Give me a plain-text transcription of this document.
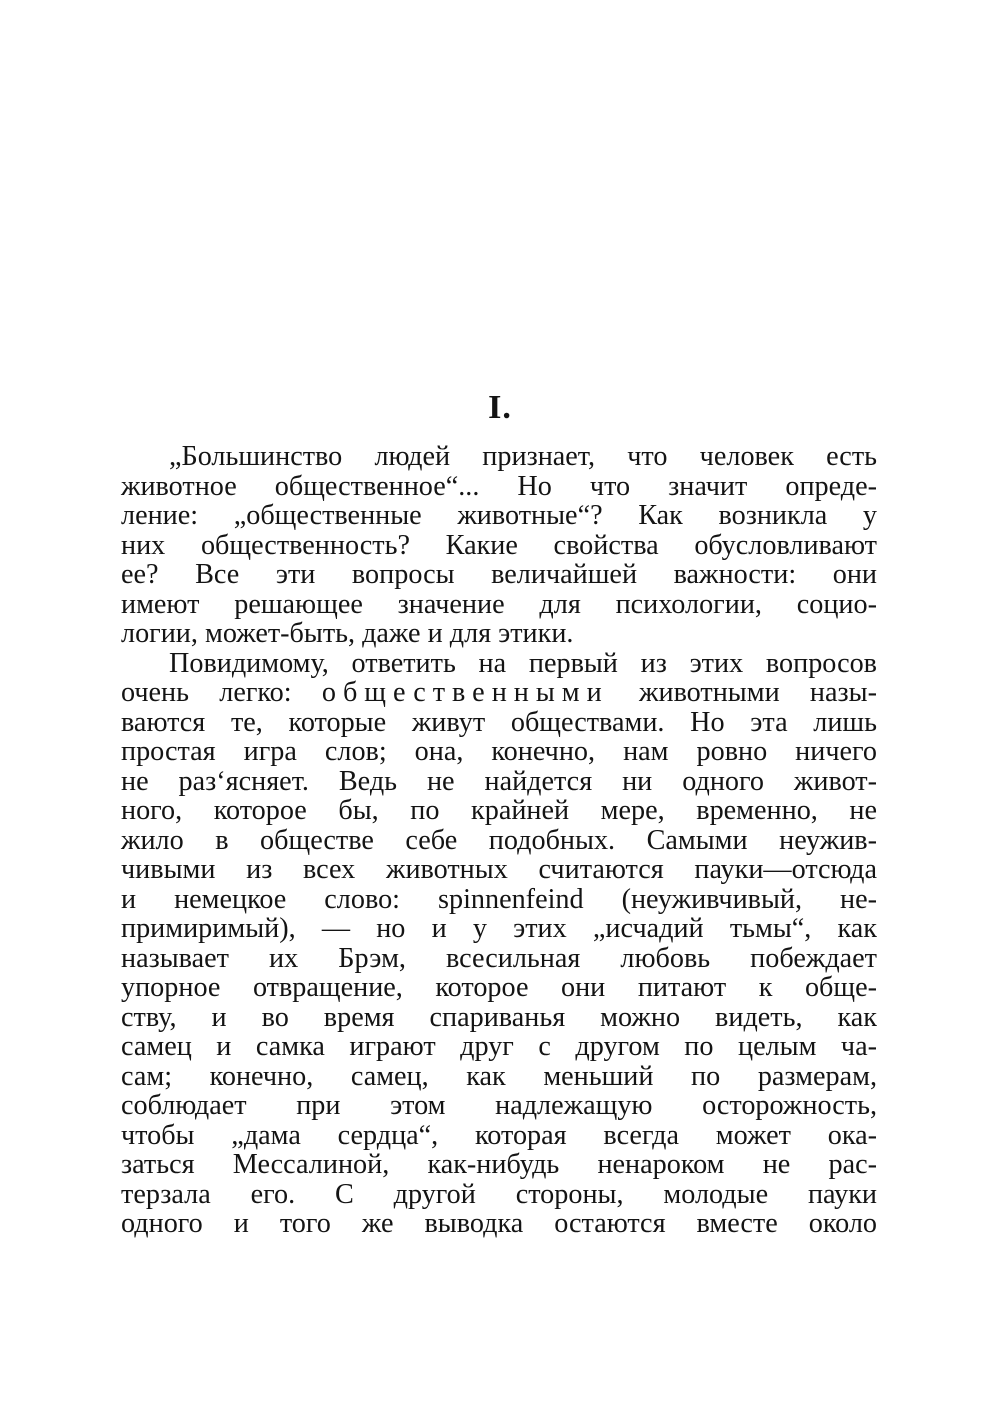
I.
„Большинство людей признает, что человек есть
животное общественное“... Но что значит опреде-
ление: „общественные животные“? Как возникла у
них общественность? Какие свойства обусловливают
ее? Все эти вопросы величайшей важности: они
имеют решающее значение для психологии, социо-
логии, может-быть, даже и для этики.
Повидимому, ответить на первый из этих вопросов
очень легко: общественными животными назы-
ваются те, которые живут обществами. Но эта лишь
простая игра слов; она, конечно, нам ровно ничего
не раз‘ясняет. Ведь не найдется ни одного живот-
ного, которое бы, по крайней мере, временно, не
жило в обществе себе подобных. Самыми неужив-
чивыми из всех животных считаются пауки—отсюда
и немецкое слово: spinnenfeind (неуживчивый, не-
примиримый), — но и у этих „исчадий тьмы“, как
называет их Брэм, всесильная любовь побеждает
упорное отвращение, которое они питают к обще-
ству, и во время спариванья можно видеть, как
самец и самка играют друг с другом по целым ча-
сам; конечно, самец, как меньший по размерам,
соблюдает при этом надлежащую осторожность,
чтобы „дама сердца“, которая всегда может ока-
заться Мессалиной, как-нибудь ненароком не рас-
терзала его. С другой стороны, молодые пауки
одного и того же выводка остаются вместе около
